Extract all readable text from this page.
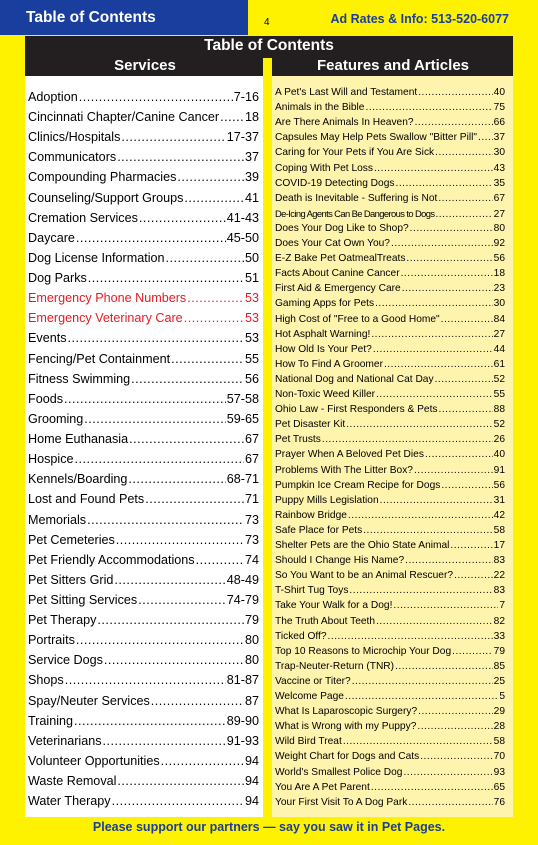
Table of Contents	4	Ad Rates & Info: 513-520-6077
Table of Contents
Services	Features and Articles
Adoption .....	7-16
Cincinnati Chapter/Canine Cancer ..... 18
Clinics/Hospitals .....	17-37
Communicators .....	37
Compounding Pharmacies .....	39
Counseling/Support Groups .....	41
Cremation Services .....	41-43
Daycare .....	45-50
Dog License Information .....	50
Dog Parks .....	51
Emergency Phone Numbers .....	53
Emergency Veterinary Care .....	53
Events .....	53
Fencing/Pet Containment .....	55
Fitness Swimming .....	56
Foods .....	57-58
Grooming .....	59-65
Home Euthanasia .....	67
Hospice .....	67
Kennels/Boarding .....	68-71
Lost and Found Pets .....	71
Memorials .....	73
Pet Cemeteries .....	73
Pet Friendly Accommodations .....	74
Pet Sitters Grid .....	48-49
Pet Sitting Services .....	74-79
Pet Therapy .....	79
Portraits .....	80
Service Dogs .....	80
Shops .....	81-87
Spay/Neuter Services .....	87
Training .....	89-90
Veterinarians .....	91-93
Volunteer Opportunities .....	94
Waste Removal .....	94
Water Therapy .....	94
A Pet's Last Will and Testament .....	40
Animals in the Bible .....	75
Are There Animals In Heaven? .....	66
Capsules May Help Pets Swallow "Bitter Pill" ..... 37
Caring for Your Pets if You Are Sick .....	30
Coping With Pet Loss .....	43
COVID-19 Detecting Dogs .....	35
Death is Inevitable - Suffering is Not .....	67
De-Icing Agents Can Be Dangerous to Dogs .....	27
Does Your Dog Like to Shop? .....	80
Does Your Cat Own You? .....	92
E-Z Bake Pet OatmealTreats .....	56
Facts About Canine Cancer .....	18
First Aid & Emergency Care .....	23
Gaming Apps for Pets .....	30
High Cost of "Free to a Good Home" .....	84
Hot Asphalt Warning! .....	27
How Old Is Your Pet? .....	44
How To Find A Groomer .....	61
National Dog and National Cat Day .....	52
Non-Toxic Weed Killer .....	55
Ohio Law - First Responders & Pets .....	88
Pet Disaster Kit .....	52
Pet Trusts .....	26
Prayer When A Beloved Pet Dies .....	40
Problems With The Litter Box? .....	91
Pumpkin Ice Cream Recipe for Dogs .....	56
Puppy Mills Legislation .....	31
Rainbow Bridge .....	42
Safe Place for Pets .....	58
Shelter Pets are the Ohio State Animal .....	17
Should I Change His Name? .....	83
So You Want to be an Animal Rescuer? .....	22
T-Shirt Tug Toys .....	83
Take Your Walk for a Dog! .....	7
The Truth About Teeth .....	82
Ticked Off? .....	33
Top 10 Reasons to Microchip Your Dog .....	79
Trap-Neuter-Return (TNR) .....	85
Vaccine or Titer? .....	25
Welcome Page .....	5
What Is Laparoscopic Surgery? .....	29
What is Wrong with my Puppy? .....	28
Wild Bird Treat .....	58
Weight Chart for Dogs and Cats .....	70
World's Smallest Police Dog .....	93
You Are A Pet Parent .....	65
Your First Visit To A Dog Park .....	76
Please support our partners — say you saw it in Pet Pages.
